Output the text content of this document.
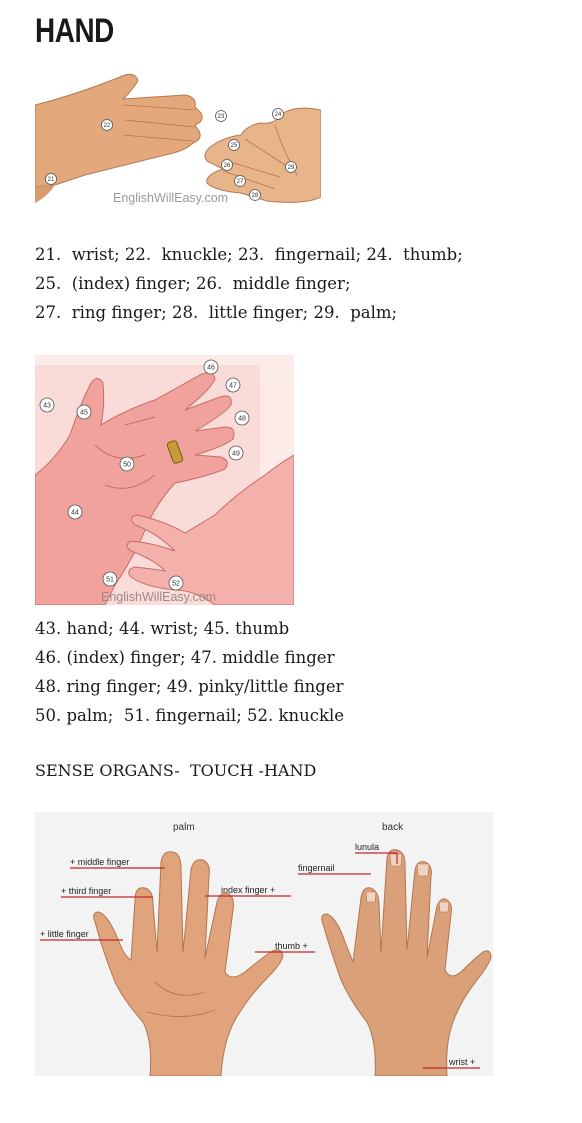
HAND
21
22
23	24
25
26
27
28
29
EnglishWillEasy.com
21.  wrist; 22.  knuckle; 23.  fingernail; 24.  thumb;
25.  (index) finger; 26.  middle finger;
27.  ring finger; 28.  little finger; 29.  palm;
43
44
45
46
47
48
49
50
51
52
EnglishWillEasy.com
43. hand; 44. wrist; 45. thumb
46. (index) finger; 47. middle finger
48. ring finger; 49. pinky/little finger
50. palm;  51. fingernail; 52. knuckle
SENSE ORGANS-  TOUCH -HAND
palm	back
+ middle finger
+ third finger
+ little finger
index finger +
thumb +
lunula
fingernail
wrist +
